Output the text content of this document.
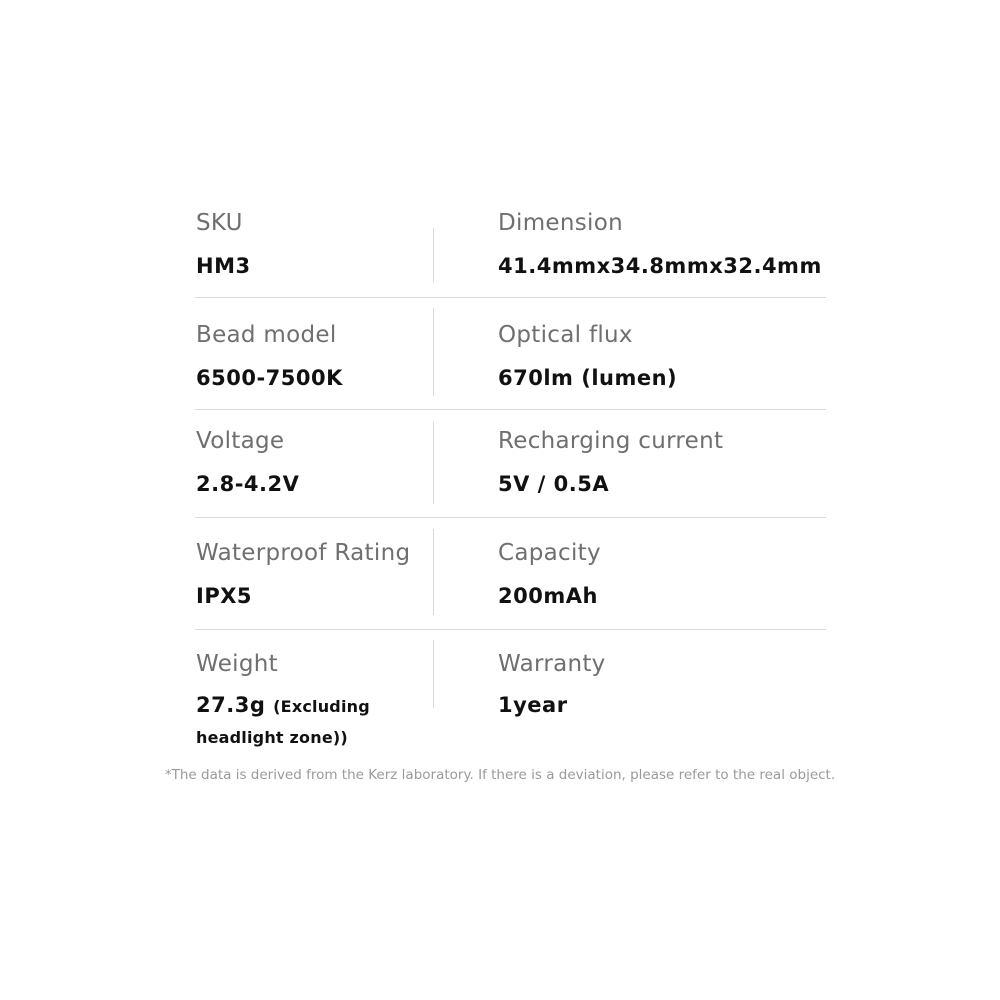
SKU
HM3
Dimension
41.4mmx34.8mmx32.4mm
Bead model
6500-7500K
Optical flux
670lm (lumen)
Voltage
2.8-4.2V
Recharging current
5V / 0.5A
Waterproof Rating
IPX5
Capacity
200mAh
Weight
27.3g (Excluding
headlight zone))
Warranty
1year
*The data is derived from the Kerz laboratory. If there is a deviation, please refer to the real object.
